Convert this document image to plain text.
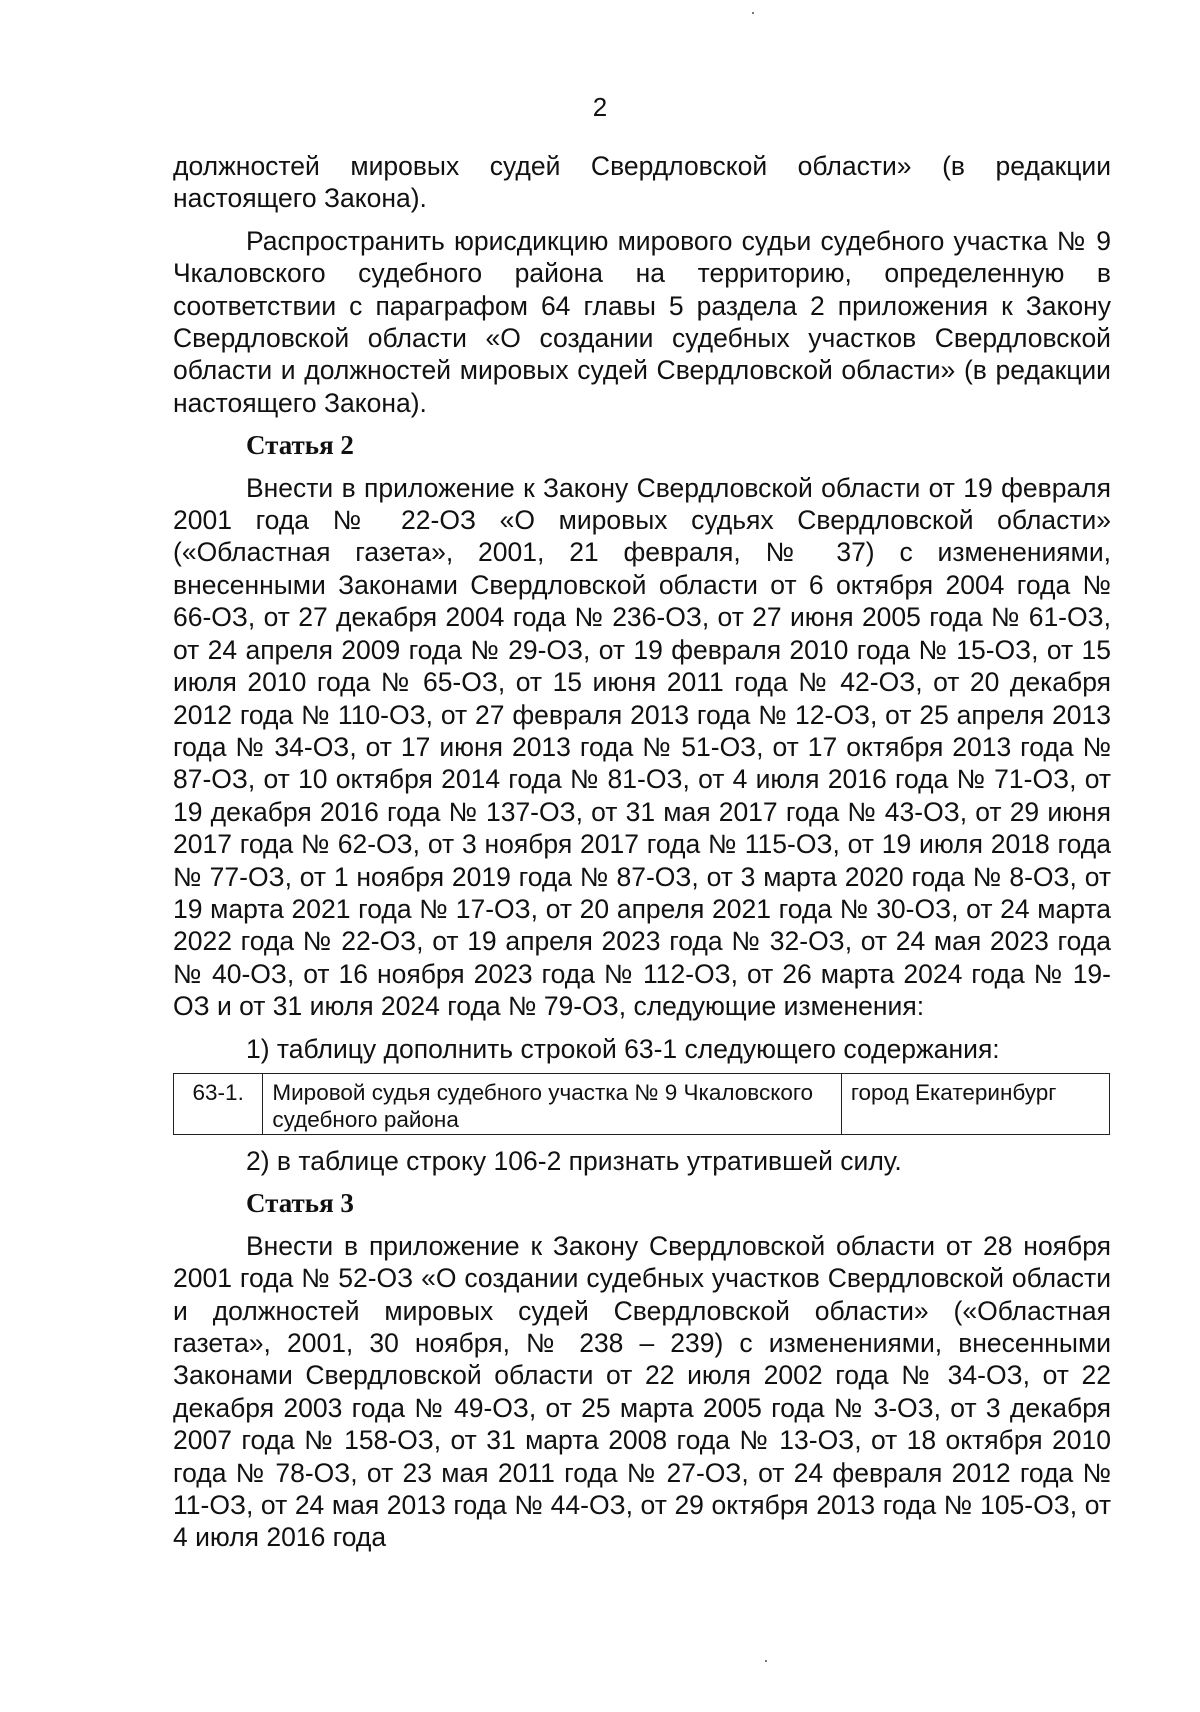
2

должностей мировых судей Свердловской области» (в редакции настоящего Закона).

Распространить юрисдикцию мирового судьи судебного участка № 9 Чкаловского судебного района на территорию, определенную в соответствии с параграфом 64 главы 5 раздела 2 приложения к Закону Свердловской области «О создании судебных участков Свердловской области и должностей мировых судей Свердловской области» (в редакции настоящего Закона).

Статья 2

Внести в приложение к Закону Свердловской области от 19 февраля 2001 года № 22-ОЗ «О мировых судьях Свердловской области» («Областная газета», 2001, 21 февраля, № 37) с изменениями, внесенными Законами Свердловской области от 6 октября 2004 года № 66-ОЗ, от 27 декабря 2004 года № 236-ОЗ, от 27 июня 2005 года № 61-ОЗ, от 24 апреля 2009 года № 29-ОЗ, от 19 февраля 2010 года № 15-ОЗ, от 15 июля 2010 года № 65-ОЗ, от 15 июня 2011 года № 42-ОЗ, от 20 декабря 2012 года № 110-ОЗ, от 27 февраля 2013 года № 12-ОЗ, от 25 апреля 2013 года № 34-ОЗ, от 17 июня 2013 года № 51-ОЗ, от 17 октября 2013 года № 87-ОЗ, от 10 октября 2014 года № 81-ОЗ, от 4 июля 2016 года № 71-ОЗ, от 19 декабря 2016 года № 137-ОЗ, от 31 мая 2017 года № 43-ОЗ, от 29 июня 2017 года № 62-ОЗ, от 3 ноября 2017 года № 115-ОЗ, от 19 июля 2018 года № 77-ОЗ, от 1 ноября 2019 года № 87-ОЗ, от 3 марта 2020 года № 8-ОЗ, от 19 марта 2021 года № 17-ОЗ, от 20 апреля 2021 года № 30-ОЗ, от 24 марта 2022 года № 22-ОЗ, от 19 апреля 2023 года № 32-ОЗ, от 24 мая 2023 года № 40-ОЗ, от 16 ноября 2023 года № 112-ОЗ, от 26 марта 2024 года № 19-ОЗ и от 31 июля 2024 года № 79-ОЗ, следующие изменения:

1) таблицу дополнить строкой 63-1 следующего содержания:

63-1.	Мировой судья судебного участка № 9 Чкаловского судебного района	город Екатеринбург

2) в таблице строку 106-2 признать утратившей силу.

Статья 3

Внести в приложение к Закону Свердловской области от 28 ноября 2001 года № 52-ОЗ «О создании судебных участков Свердловской области и должностей мировых судей Свердловской области» («Областная газета», 2001, 30 ноября, № 238 – 239) с изменениями, внесенными Законами Свердловской области от 22 июля 2002 года № 34-ОЗ, от 22 декабря 2003 года № 49-ОЗ, от 25 марта 2005 года № 3-ОЗ, от 3 декабря 2007 года № 158-ОЗ, от 31 марта 2008 года № 13-ОЗ, от 18 октября 2010 года № 78-ОЗ, от 23 мая 2011 года № 27-ОЗ, от 24 февраля 2012 года № 11-ОЗ, от 24 мая 2013 года № 44-ОЗ, от 29 октября 2013 года № 105-ОЗ, от 4 июля 2016 года
